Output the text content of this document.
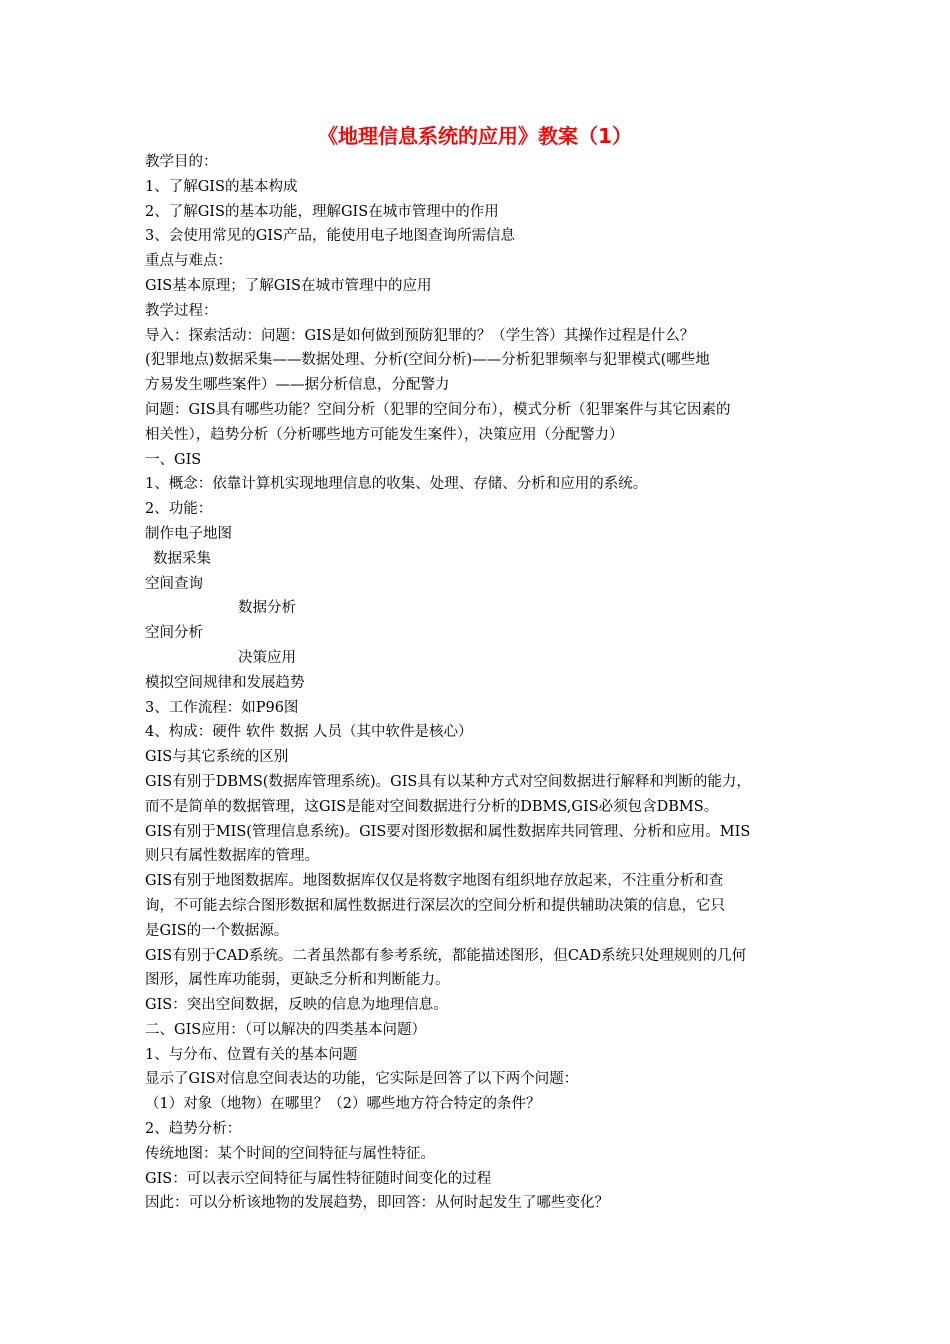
《地理信息系统的应用》教案（1）
教学目的：
1、了解GIS的基本构成
2、了解GIS的基本功能，理解GIS在城市管理中的作用
3、会使用常见的GIS产品，能使用电子地图查询所需信息
重点与难点：
GIS基本原理；了解GIS在城市管理中的应用
教学过程：
导入：探索活动：问题：GIS是如何做到预防犯罪的？（学生答）其操作过程是什么？
(犯罪地点)数据采集——数据处理、分析(空间分析)——分析犯罪频率与犯罪模式(哪些地
方易发生哪些案件）——据分析信息，分配警力
问题：GIS具有哪些功能？空间分析（犯罪的空间分布），模式分析（犯罪案件与其它因素的
相关性），趋势分析（分析哪些地方可能发生案件），决策应用（分配警力）
一、GIS
1、概念：依靠计算机实现地理信息的收集、处理、存储、分析和应用的系统。
2、功能：
制作电子地图
数据采集
空间查询
数据分析
空间分析
决策应用
模拟空间规律和发展趋势
3、工作流程：如P96图
4、构成：硬件 软件 数据 人员（其中软件是核心）
GIS与其它系统的区别
GIS有别于DBMS(数据库管理系统)。GIS具有以某种方式对空间数据进行解释和判断的能力，
而不是简单的数据管理，这GIS是能对空间数据进行分析的DBMS,GIS必须包含DBMS。
GIS有别于MIS(管理信息系统)。GIS要对图形数据和属性数据库共同管理、分析和应用。MIS
则只有属性数据库的管理。
GIS有别于地图数据库。地图数据库仅仅是将数字地图有组织地存放起来，不注重分析和查
询，不可能去综合图形数据和属性数据进行深层次的空间分析和提供辅助决策的信息，它只
是GIS的一个数据源。
GIS有别于CAD系统。二者虽然都有参考系统，都能描述图形，但CAD系统只处理规则的几何
图形，属性库功能弱，更缺乏分析和判断能力。
GIS：突出空间数据，反映的信息为地理信息。
二、GIS应用：（可以解决的四类基本问题）
1、与分布、位置有关的基本问题
显示了GIS对信息空间表达的功能，它实际是回答了以下两个问题：
（1）对象（地物）在哪里？（2）哪些地方符合特定的条件？
2、趋势分析：
传统地图：某个时间的空间特征与属性特征。
GIS：可以表示空间特征与属性特征随时间变化的过程
因此：可以分析该地物的发展趋势，即回答：从何时起发生了哪些变化？
